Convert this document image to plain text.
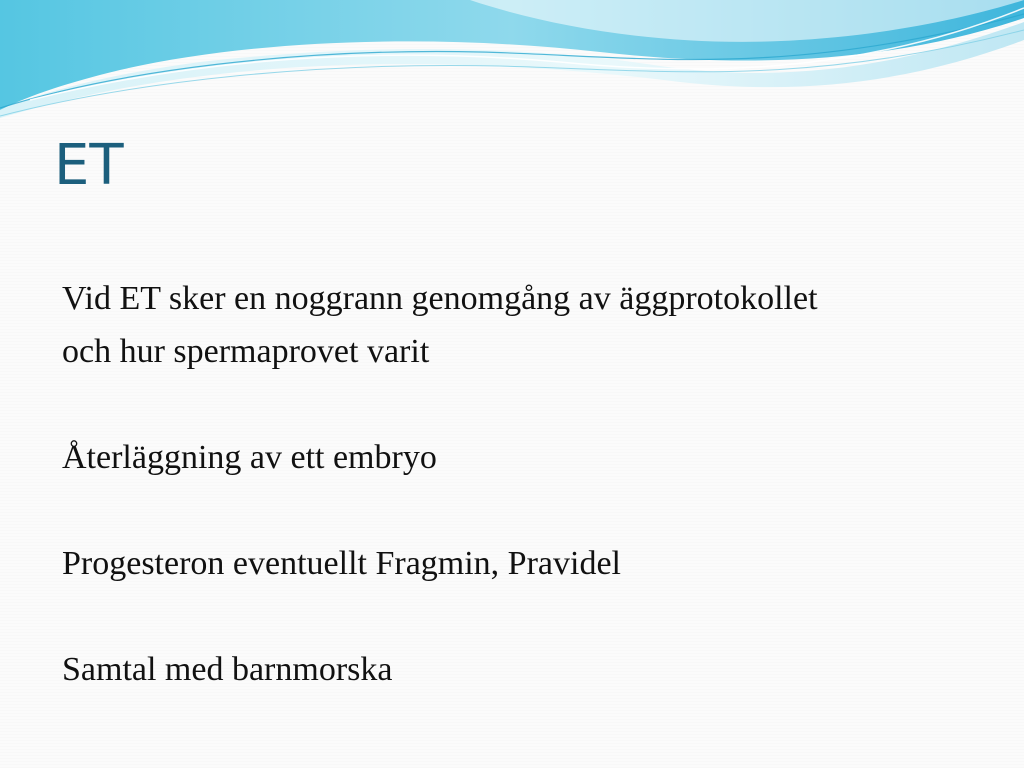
ET

Vid ET sker en noggrann genomgång av äggprotokollet
och hur spermaprovet varit

Återläggning av ett embryo

Progesteron eventuellt Fragmin, Pravidel

Samtal med barnmorska
